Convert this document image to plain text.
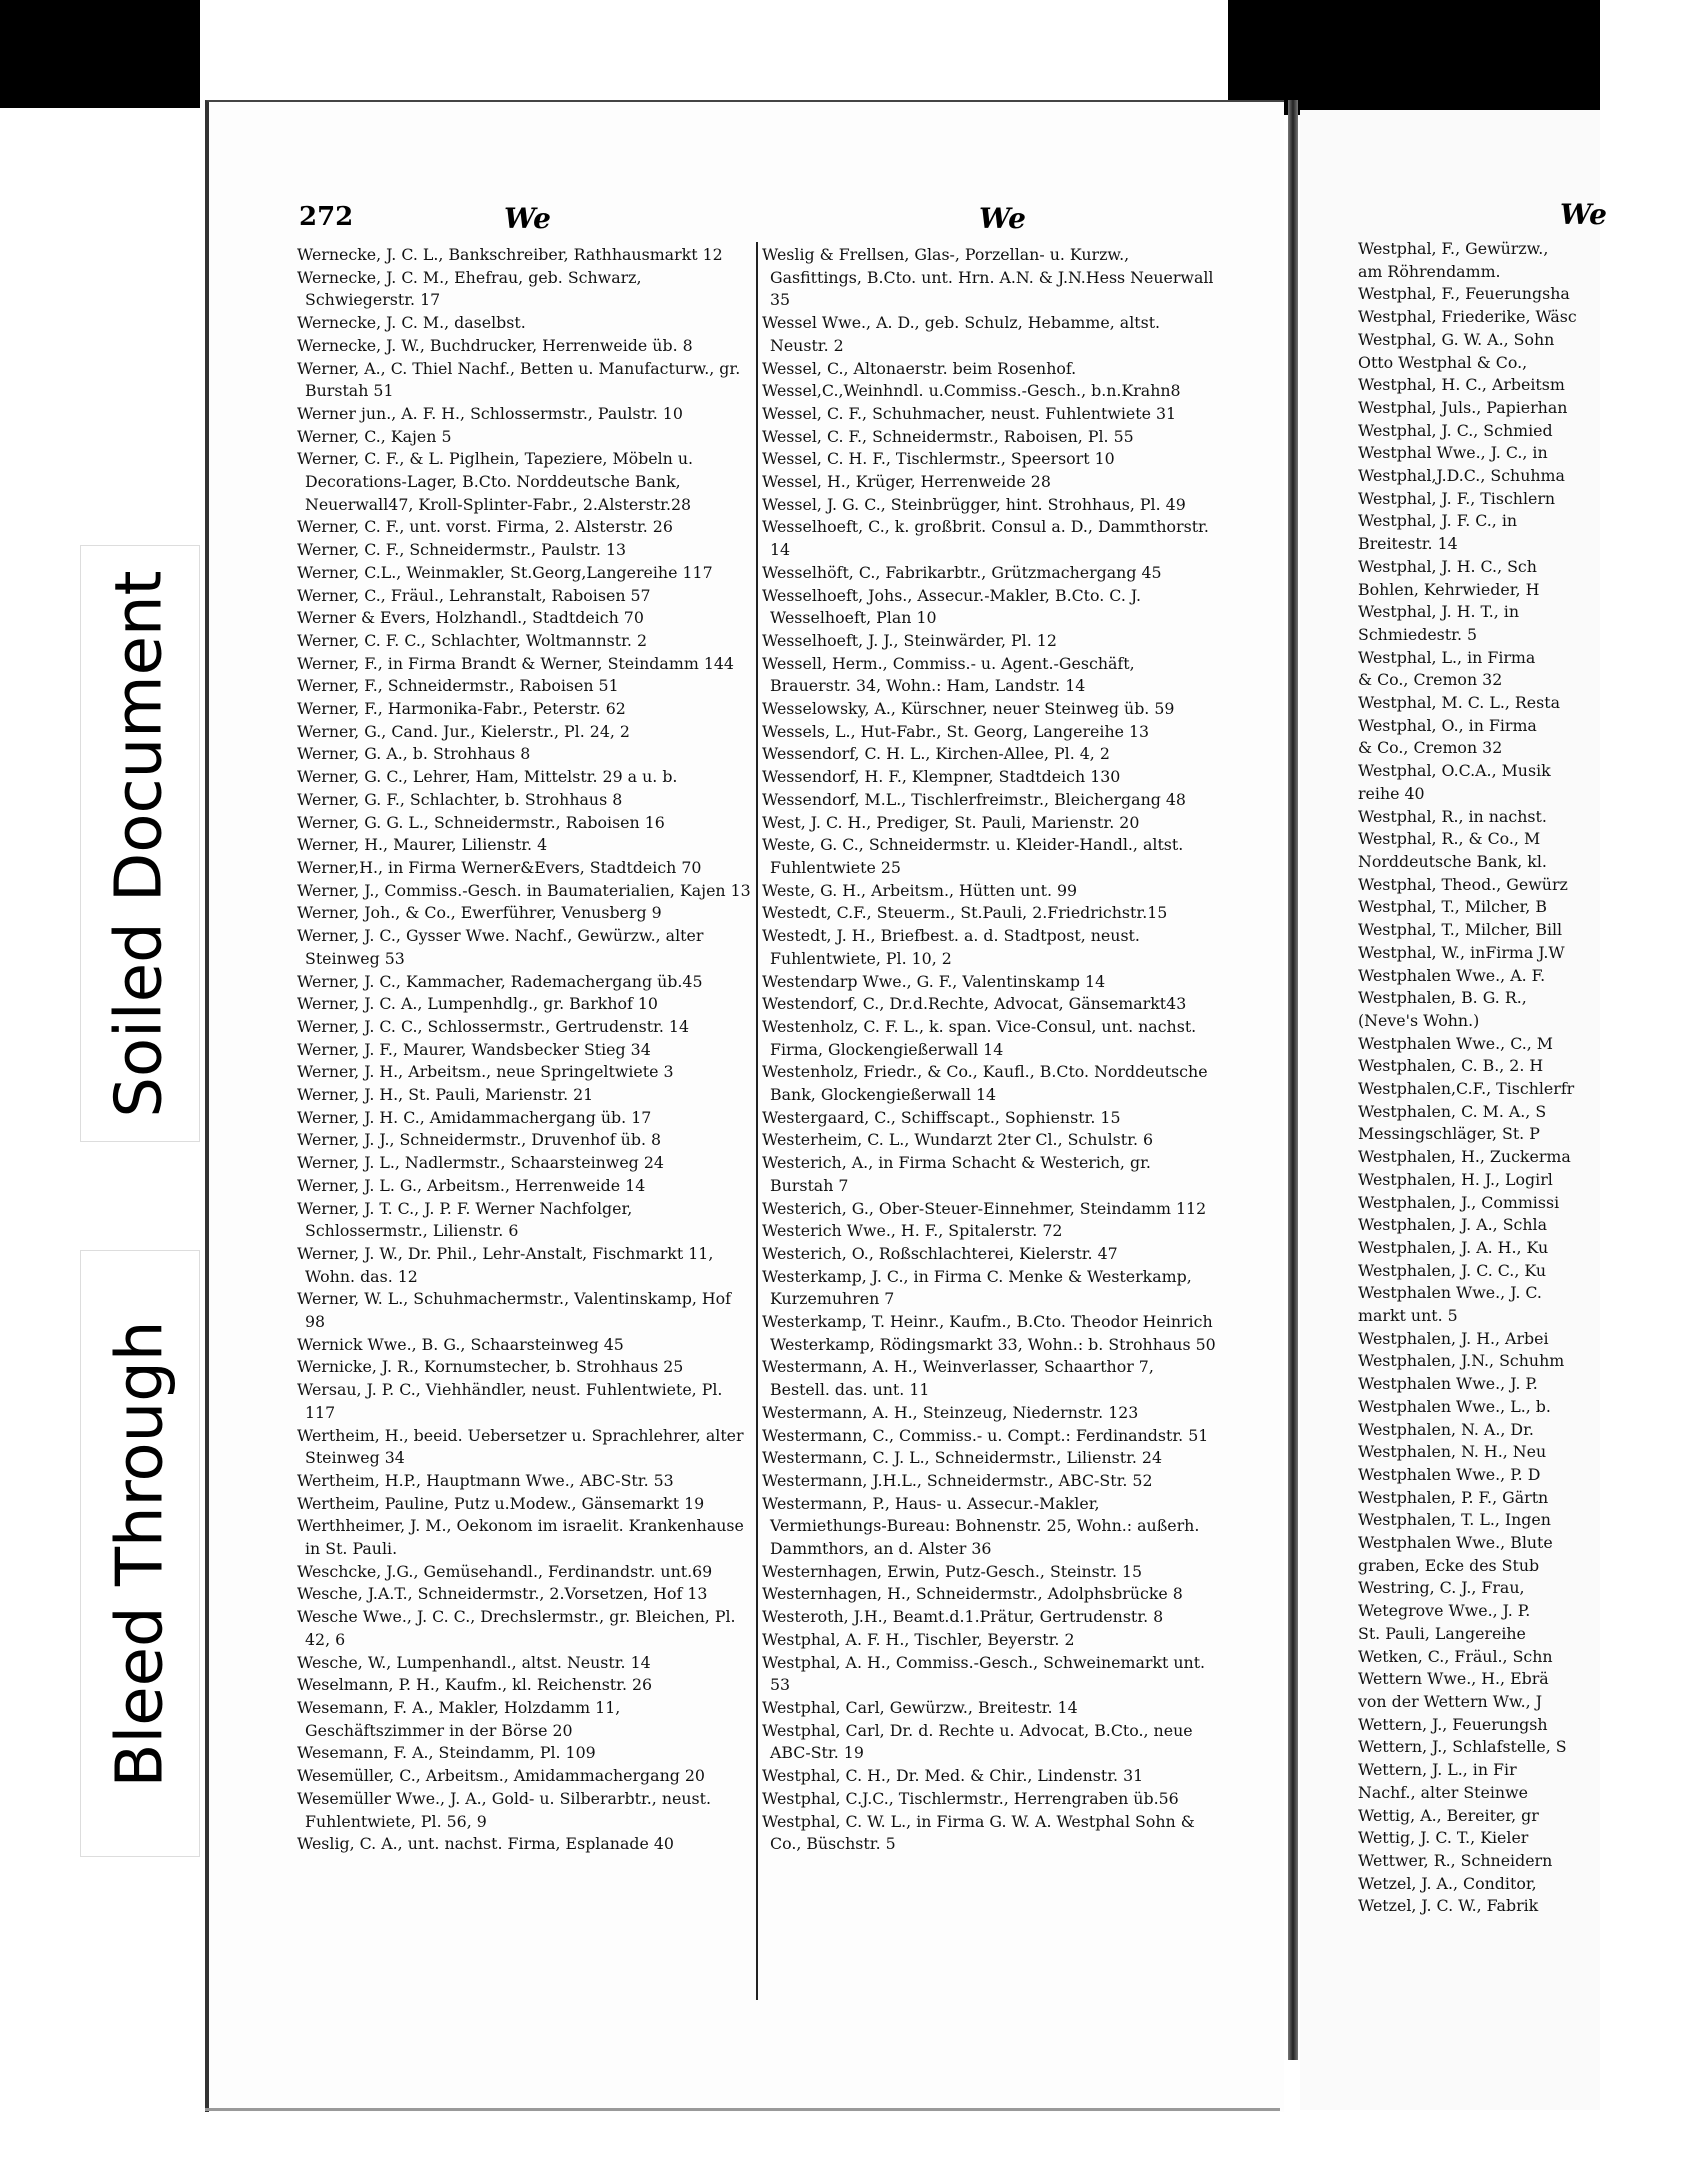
Soiled Document
Bleed Through
272	We	We
Wernecke, J. C. L., Bankschreiber, Rathhausmarkt 12
Wernecke, J. C. M., Ehefrau, geb. Schwarz, Schwiegerstr. 17
Wernecke, J. C. M., daselbst.
Wernecke, J. W., Buchdrucker, Herrenweide üb. 8
Werner, A., C. Thiel Nachf., Betten u. Manufacturw., gr. Burstah 51
Werner jun., A. F. H., Schlossermstr., Paulstr. 10
Werner, C., Kajen 5
Werner, C. F., & L. Piglhein, Tapeziere, Möbeln u. Decorations-Lager, B.Cto. Norddeutsche Bank, Neuerwall47, Kroll-Splinter-Fabr., 2.Alsterstr.28
Werner, C. F., unt. vorst. Firma, 2. Alsterstr. 26
Werner, C. F., Schneidermstr., Paulstr. 13
Werner, C.L., Weinmakler, St.Georg,Langereihe 117
Werner, C., Fräul., Lehranstalt, Raboisen 57
Werner & Evers, Holzhandl., Stadtdeich 70
Werner, C. F. C., Schlachter, Woltmannstr. 2
Werner, F., in Firma Brandt & Werner, Steindamm 144
Werner, F., Schneidermstr., Raboisen 51
Werner, F., Harmonika-Fabr., Peterstr. 62
Werner, G., Cand. Jur., Kielerstr., Pl. 24, 2
Werner, G. A., b. Strohhaus 8
Werner, G. C., Lehrer, Ham, Mittelstr. 29 a u. b.
Werner, G. F., Schlachter, b. Strohhaus 8
Werner, G. G. L., Schneidermstr., Raboisen 16
Werner, H., Maurer, Lilienstr. 4
Werner,H., in Firma Werner&Evers, Stadtdeich 70
Werner, J., Commiss.-Gesch. in Baumaterialien, Kajen 13
Werner, Joh., & Co., Ewerführer, Venusberg 9
Werner, J. C., Gysser Wwe. Nachf., Gewürzw., alter Steinweg 53
Werner, J. C., Kammacher, Rademachergang üb.45
Werner, J. C. A., Lumpenhdlg., gr. Barkhof 10
Werner, J. C. C., Schlossermstr., Gertrudenstr. 14
Werner, J. F., Maurer, Wandsbecker Stieg 34
Werner, J. H., Arbeitsm., neue Springeltwiete 3
Werner, J. H., St. Pauli, Marienstr. 21
Werner, J. H. C., Amidammachergang üb. 17
Werner, J. J., Schneidermstr., Druvenhof üb. 8
Werner, J. L., Nadlermstr., Schaarsteinweg 24
Werner, J. L. G., Arbeitsm., Herrenweide 14
Werner, J. T. C., J. P. F. Werner Nachfolger, Schlossermstr., Lilienstr. 6
Werner, J. W., Dr. Phil., Lehr-Anstalt, Fischmarkt 11, Wohn. das. 12
Werner, W. L., Schuhmachermstr., Valentinskamp, Hof 98
Wernick Wwe., B. G., Schaarsteinweg 45
Wernicke, J. R., Kornumstecher, b. Strohhaus 25
Wersau, J. P. C., Viehhändler, neust. Fuhlentwiete, Pl. 117
Wertheim, H., beeid. Uebersetzer u. Sprachlehrer, alter Steinweg 34
Wertheim, H.P., Hauptmann Wwe., ABC-Str. 53
Wertheim, Pauline, Putz u.Modew., Gänsemarkt 19
Werthheimer, J. M., Oekonom im israelit. Krankenhause in St. Pauli.
Weschcke, J.G., Gemüsehandl., Ferdinandstr. unt.69
Wesche, J.A.T., Schneidermstr., 2.Vorsetzen, Hof 13
Wesche Wwe., J. C. C., Drechslermstr., gr. Bleichen, Pl. 42, 6
Wesche, W., Lumpenhandl., altst. Neustr. 14
Weselmann, P. H., Kaufm., kl. Reichenstr. 26
Wesemann, F. A., Makler, Holzdamm 11, Geschäftszimmer in der Börse 20
Wesemann, F. A., Steindamm, Pl. 109
Wesemüller, C., Arbeitsm., Amidammachergang 20
Wesemüller Wwe., J. A., Gold- u. Silberarbtr., neust. Fuhlentwiete, Pl. 56, 9
Weslig, C. A., unt. nachst. Firma, Esplanade 40
Weslig & Frellsen, Glas-, Porzellan- u. Kurzw., Gasfittings, B.Cto. unt. Hrn. A.N. & J.N.Hess Neuerwall 35
Wessel Wwe., A. D., geb. Schulz, Hebamme, altst. Neustr. 2
Wessel, C., Altonaerstr. beim Rosenhof.
Wessel,C.,Weinhndl. u.Commiss.-Gesch., b.n.Krahn8
Wessel, C. F., Schuhmacher, neust. Fuhlentwiete 31
Wessel, C. F., Schneidermstr., Raboisen, Pl. 55
Wessel, C. H. F., Tischlermstr., Speersort 10
Wessel, H., Krüger, Herrenweide 28
Wessel, J. G. C., Steinbrügger, hint. Strohhaus, Pl. 49
Wesselhoeft, C., k. großbrit. Consul a. D., Dammthorstr. 14
Wesselhöft, C., Fabrikarbtr., Grützmachergang 45
Wesselhoeft, Johs., Assecur.-Makler, B.Cto. C. J. Wesselhoeft, Plan 10
Wesselhoeft, J. J., Steinwärder, Pl. 12
Wessell, Herm., Commiss.- u. Agent.-Geschäft, Brauerstr. 34, Wohn.: Ham, Landstr. 14
Wesselowsky, A., Kürschner, neuer Steinweg üb. 59
Wessels, L., Hut-Fabr., St. Georg, Langereihe 13
Wessendorf, C. H. L., Kirchen-Allee, Pl. 4, 2
Wessendorf, H. F., Klempner, Stadtdeich 130
Wessendorf, M.L., Tischlerfreimstr., Bleichergang 48
West, J. C. H., Prediger, St. Pauli, Marienstr. 20
Weste, G. C., Schneidermstr. u. Kleider-Handl., altst. Fuhlentwiete 25
Weste, G. H., Arbeitsm., Hütten unt. 99
Westedt, C.F., Steuerm., St.Pauli, 2.Friedrichstr.15
Westedt, J. H., Briefbest. a. d. Stadtpost, neust. Fuhlentwiete, Pl. 10, 2
Westendarp Wwe., G. F., Valentinskamp 14
Westendorf, C., Dr.d.Rechte, Advocat, Gänsemarkt43
Westenholz, C. F. L., k. span. Vice-Consul, unt. nachst. Firma, Glockengießerwall 14
Westenholz, Friedr., & Co., Kaufl., B.Cto. Norddeutsche Bank, Glockengießerwall 14
Westergaard, C., Schiffscapt., Sophienstr. 15
Westerheim, C. L., Wundarzt 2ter Cl., Schulstr. 6
Westerich, A., in Firma Schacht & Westerich, gr. Burstah 7
Westerich, G., Ober-Steuer-Einnehmer, Steindamm 112
Westerich Wwe., H. F., Spitalerstr. 72
Westerich, O., Roßschlachterei, Kielerstr. 47
Westerkamp, J. C., in Firma C. Menke & Westerkamp, Kurzemuhren 7
Westerkamp, T. Heinr., Kaufm., B.Cto. Theodor Heinrich Westerkamp, Rödingsmarkt 33, Wohn.: b. Strohhaus 50
Westermann, A. H., Weinverlasser, Schaarthor 7, Bestell. das. unt. 11
Westermann, A. H., Steinzeug, Niedernstr. 123
Westermann, C., Commiss.- u. Compt.: Ferdinandstr. 51
Westermann, C. J. L., Schneidermstr., Lilienstr. 24
Westermann, J.H.L., Schneidermstr., ABC-Str. 52
Westermann, P., Haus- u. Assecur.-Makler, Vermiethungs-Bureau: Bohnenstr. 25, Wohn.: außerh. Dammthors, an d. Alster 36
Westernhagen, Erwin, Putz-Gesch., Steinstr. 15
Westernhagen, H., Schneidermstr., Adolphsbrücke 8
Westeroth, J.H., Beamt.d.1.Prätur, Gertrudenstr. 8
Westphal, A. F. H., Tischler, Beyerstr. 2
Westphal, A. H., Commiss.-Gesch., Schweinemarkt unt. 53
Westphal, Carl, Gewürzw., Breitestr. 14
Westphal, Carl, Dr. d. Rechte u. Advocat, B.Cto., neue ABC-Str. 19
Westphal, C. H., Dr. Med. & Chir., Lindenstr. 31
Westphal, C.J.C., Tischlermstr., Herrengraben üb.56
Westphal, C. W. L., in Firma G. W. A. Westphal Sohn & Co., Büschstr. 5
We
Westphal, F., Gewürzw.,
am Röhrendamm.
Westphal, F., Feuerungsha
Westphal, Friederike, Wäsc
Westphal, G. W. A., Sohn
Otto Westphal & Co.,
Westphal, H. C., Arbeitsm
Westphal, Juls., Papierhan
Westphal, J. C., Schmied
Westphal Wwe., J. C., in
Westphal,J.D.C., Schuhma
Westphal, J. F., Tischlern
Westphal, J. F. C., in
Breitestr. 14
Westphal, J. H. C., Sch
Bohlen, Kehrwieder, H
Westphal, J. H. T., in
Schmiedestr. 5
Westphal, L., in Firma
& Co., Cremon 32
Westphal, M. C. L., Resta
Westphal, O., in Firma
& Co., Cremon 32
Westphal, O.C.A., Musik
reihe 40
Westphal, R., in nachst.
Westphal, R., & Co., M
Norddeutsche Bank, kl.
Westphal, Theod., Gewürz
Westphal, T., Milcher, B
Westphal, T., Milcher, Bill
Westphal, W., inFirma J.W
Westphalen Wwe., A. F.
Westphalen, B. G. R.,
(Neve's Wohn.)
Westphalen Wwe., C., M
Westphalen, C. B., 2. H
Westphalen,C.F., Tischlerfr
Westphalen, C. M. A., S
Messingschläger, St. P
Westphalen, H., Zuckerma
Westphalen, H. J., Logirl
Westphalen, J., Commissi
Westphalen, J. A., Schla
Westphalen, J. A. H., Ku
Westphalen, J. C. C., Ku
Westphalen Wwe., J. C.
markt unt. 5
Westphalen, J. H., Arbei
Westphalen, J.N., Schuhm
Westphalen Wwe., J. P.
Westphalen Wwe., L., b.
Westphalen, N. A., Dr.
Westphalen, N. H., Neu
Westphalen Wwe., P. D
Westphalen, P. F., Gärtn
Westphalen, T. L., Ingen
Westphalen Wwe., Blute
graben, Ecke des Stub
Westring, C. J., Frau,
Wetegrove Wwe., J. P.
St. Pauli, Langereihe
Wetken, C., Fräul., Schn
Wettern Wwe., H., Ebrä
von der Wettern Ww., J
Wettern, J., Feuerungsh
Wettern, J., Schlafstelle, S
Wettern, J. L., in Fir
Nachf., alter Steinwe
Wettig, A., Bereiter, gr
Wettig, J. C. T., Kieler
Wettwer, R., Schneidern
Wetzel, J. A., Conditor,
Wetzel, J. C. W., Fabrik
